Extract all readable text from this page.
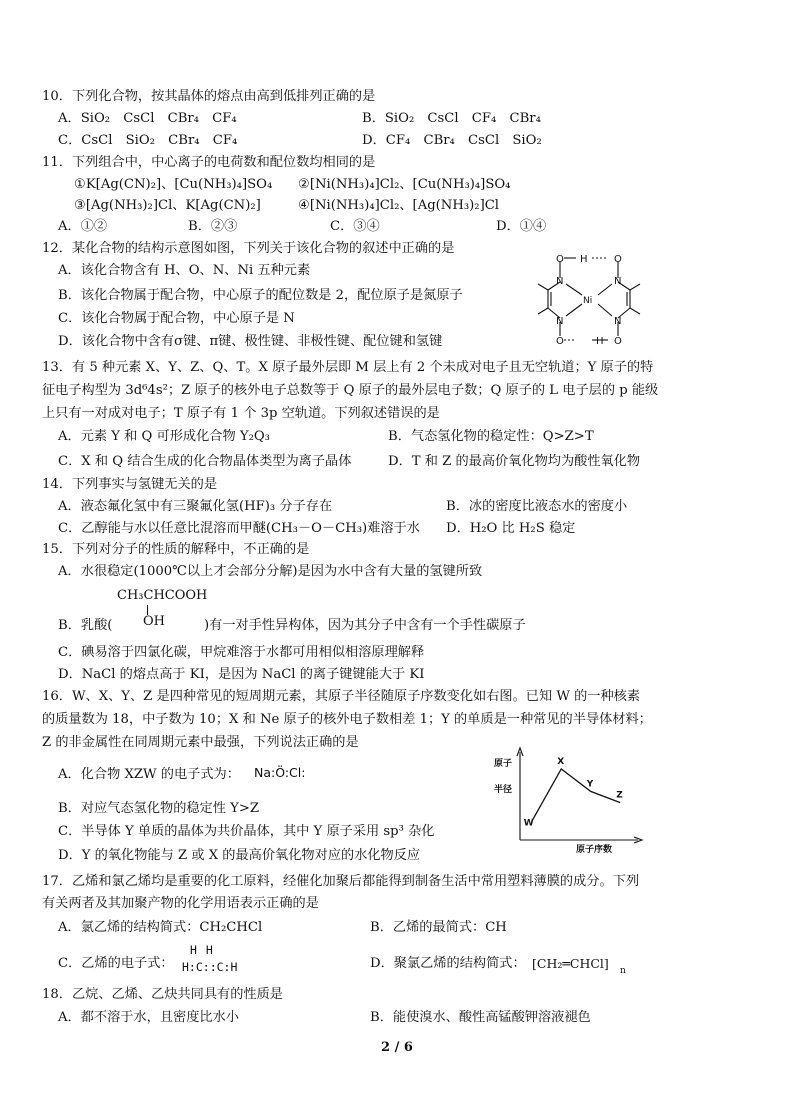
10．下列化合物，按其晶体的熔点由高到低排列正确的是
A．SiO₂　CsCl　CBr₄　CF₄	B．SiO₂　CsCl　CF₄　CBr₄
C．CsCl　SiO₂　CBr₄　CF₄	D．CF₄　CBr₄　CsCl　SiO₂
11．下列组合中，中心离子的电荷数和配位数均相同的是
①K[Ag(CN)₂]、[Cu(NH₃)₄]SO₄ ②[Ni(NH₃)₄]Cl₂、[Cu(NH₃)₄]SO₄
③[Ag(NH₃)₂]Cl、K[Ag(CN)₂]	④[Ni(NH₃)₄]Cl₂、[Ag(NH₃)₂]Cl
A．①②	B．②③	C．③④	D．①④
12．某化合物的结构示意图如图，下列关于该化合物的叙述中正确的是
A．该化合物含有 H、O、N、Ni 五种元素
B．该化合物属于配合物，中心原子的配位数是 2，配位原子是氮原子
C．该化合物属于配合物，中心原子是 N
D．该化合物中含有σ键、π键、极性键、非极性键、配位键和氢键
O H	O
N	N
Ni
N	N
O	H O
13．有 5 种元素 X、Y、Z、Q、T。X 原子最外层即 M 层上有 2 个未成对电子且无空轨道；Y 原子的特
征电子构型为 3d⁶4s²；Z 原子的核外电子总数等于 Q 原子的最外层电子数；Q 原子的 L 电子层的 p 能级
上只有一对成对电子；T 原子有 1 个 3p 空轨道。下列叙述错误的是
A．元素 Y 和 Q 可形成化合物 Y₂Q₃	B．气态氢化物的稳定性：Q>Z>T
C．X 和 Q 结合生成的化合物晶体类型为离子晶体	D．T 和 Z 的最高价氧化物均为酸性氧化物
14．下列事实与氢键无关的是
A．液态氟化氢中有三聚氟化氢(HF)₃ 分子存在	B．冰的密度比液态水的密度小
C．乙醇能与水以任意比混溶而甲醚(CH₃－O－CH₃)难溶于水 D．H₂O 比 H₂S 稳定
15．下列对分子的性质的解释中，不正确的是
A．水很稳定(1000℃以上才会部分分解)是因为水中含有大量的氢键所致
CH₃CHCOOH
OH
B．乳酸(	)有一对手性异构体，因为其分子中含有一个手性碳原子
C．碘易溶于四氯化碳，甲烷难溶于水都可用相似相溶原理解释
D．NaCl 的熔点高于 KI，是因为 NaCl 的离子键键能大于 KI
16．W、X、Y、Z 是四种常见的短周期元素，其原子半径随原子序数变化如右图。已知 W 的一种核素
的质量数为 18，中子数为 10；X 和 Ne 原子的核外电子数相差 1；Y 的单质是一种常见的半导体材料；
Z 的非金属性在同周期元素中最强，下列说法正确的是
A．化合物 XZW 的电子式为： Na:Ö:Cl:
B．对应气态氢化物的稳定性 Y>Z
C．半导体 Y 单质的晶体为共价晶体，其中 Y 原子采用 sp³ 杂化
D．Y 的氧化物能与 Z 或 X 的最高价氧化物对应的水化物反应
原子
半径
原子序数
W
X
Y
Z
17．乙烯和氯乙烯均是重要的化工原料，经催化加聚后都能得到制备生活中常用塑料薄膜的成分。下列
有关两者及其加聚产物的化学用语表示正确的是
A．氯乙烯的结构简式：CH₂CHCl	B．乙烯的最简式：CH
C．乙烯的电子式：
H H
H:C::C:H	D．聚氯乙烯的结构简式： [CH₂═CHCl] n
18．乙烷、乙烯、乙炔共同具有的性质是
A．都不溶于水，且密度比水小	B．能使溴水、酸性高锰酸钾溶液褪色
2 / 6
